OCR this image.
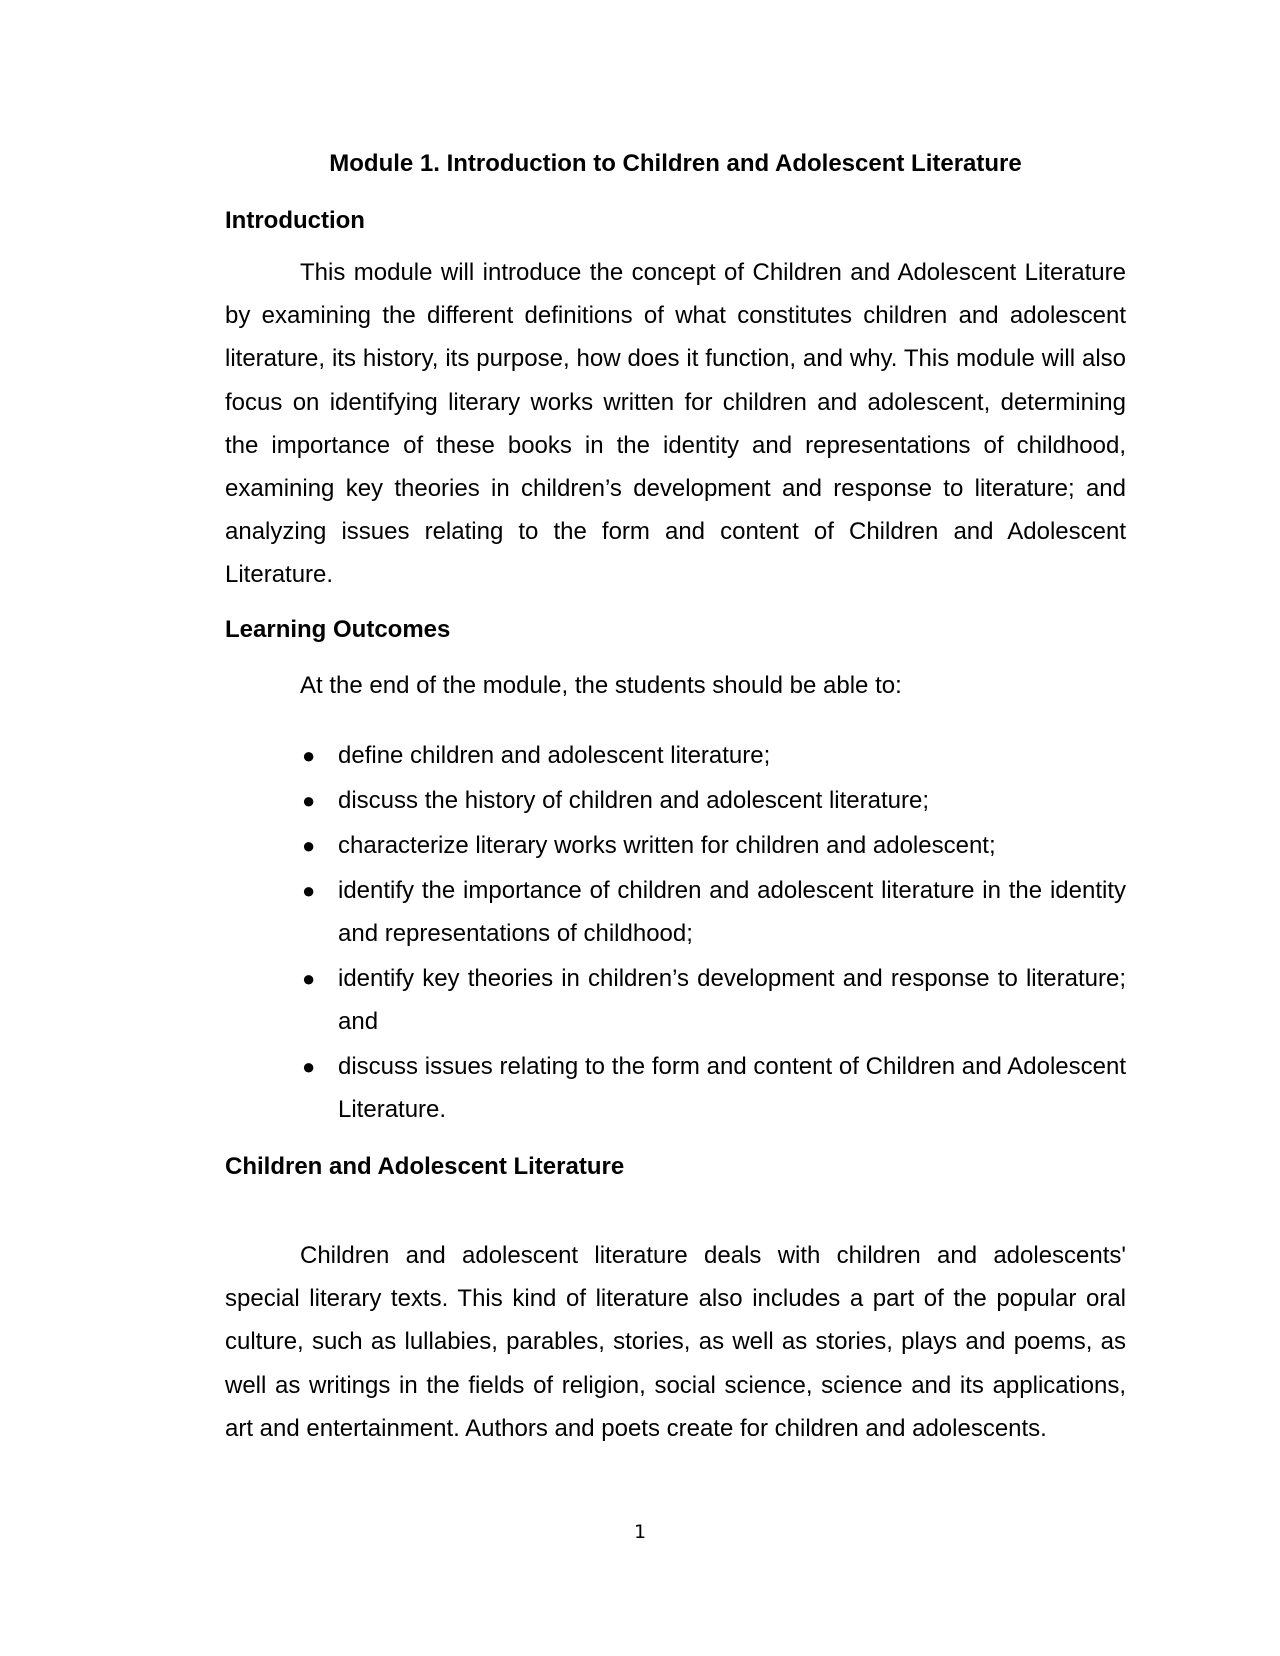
Module 1. Introduction to Children and Adolescent Literature
Introduction

This module will introduce the concept of Children and Adolescent Literature by examining the different definitions of what constitutes children and adolescent literature, its history, its purpose, how does it function, and why. This module will also focus on identifying literary works written for children and adolescent, determining the importance of these books in the identity and representations of childhood, examining key theories in children’s development and response to literature; and analyzing issues relating to the form and content of Children and Adolescent Literature.

Learning Outcomes

At the end of the module, the students should be able to:

● define children and adolescent literature;
● discuss the history of children and adolescent literature;
● characterize literary works written for children and adolescent;
● identify the importance of children and adolescent literature in the identity and representations of childhood;
● identify key theories in children’s development and response to literature; and
● discuss issues relating to the form and content of Children and Adolescent Literature.
Children and Adolescent Literature

Children and adolescent literature deals with children and adolescents' special literary texts. This kind of literature also includes a part of the popular oral culture, such as lullabies, parables, stories, as well as stories, plays and poems, as well as writings in the fields of religion, social science, science and its applications, art and entertainment. Authors and poets create for children and adolescents.

1
